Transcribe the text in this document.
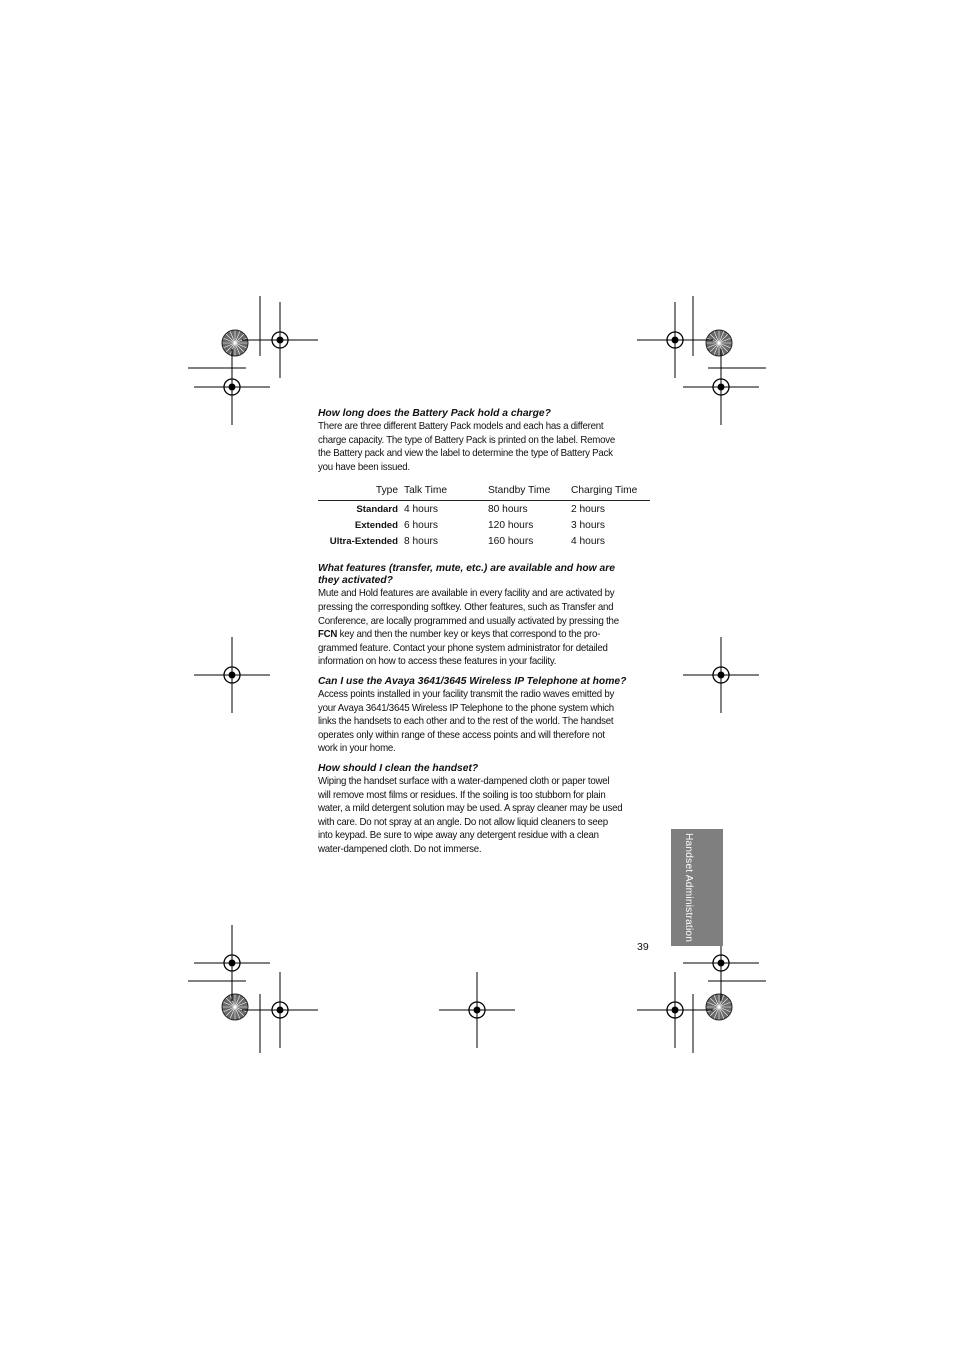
How long does the Battery Pack hold a charge?

There are three different Battery Pack models and each has a different
charge capacity. The type of Battery Pack is printed on the label. Remove
the Battery pack and view the label to determine the type of Battery Pack
you have been issued.

Type	Talk Time	Standby Time	Charging Time
Standard	4 hours	80 hours	2 hours
Extended	6 hours	120 hours	3 hours
Ultra-Extended	8 hours	160 hours	4 hours

What features (transfer, mute, etc.) are available and how are
they activated?

Mute and Hold features are available in every facility and are activated by
pressing the corresponding softkey. Other features, such as Transfer and
Conference, are locally programmed and usually activated by pressing the
FCN key and then the number key or keys that correspond to the pro-
grammed feature. Contact your phone system administrator for detailed
information on how to access these features in your facility.

Can I use the Avaya 3641/3645 Wireless IP Telephone at home?

Access points installed in your facility transmit the radio waves emitted by
your Avaya 3641/3645 Wireless IP Telephone to the phone system which
links the handsets to each other and to the rest of the world. The handset
operates only within range of these access points and will therefore not
work in your home.

How should I clean the handset?

Wiping the handset surface with a water-dampened cloth or paper towel
will remove most films or residues. If the soiling is too stubborn for plain
water, a mild detergent solution may be used. A spray cleaner may be used
with care. Do not spray at an angle. Do not allow liquid cleaners to seep
into keypad. Be sure to wipe away any detergent residue with a clean
water-dampened cloth. Do not immerse.	Handset Administration
39
